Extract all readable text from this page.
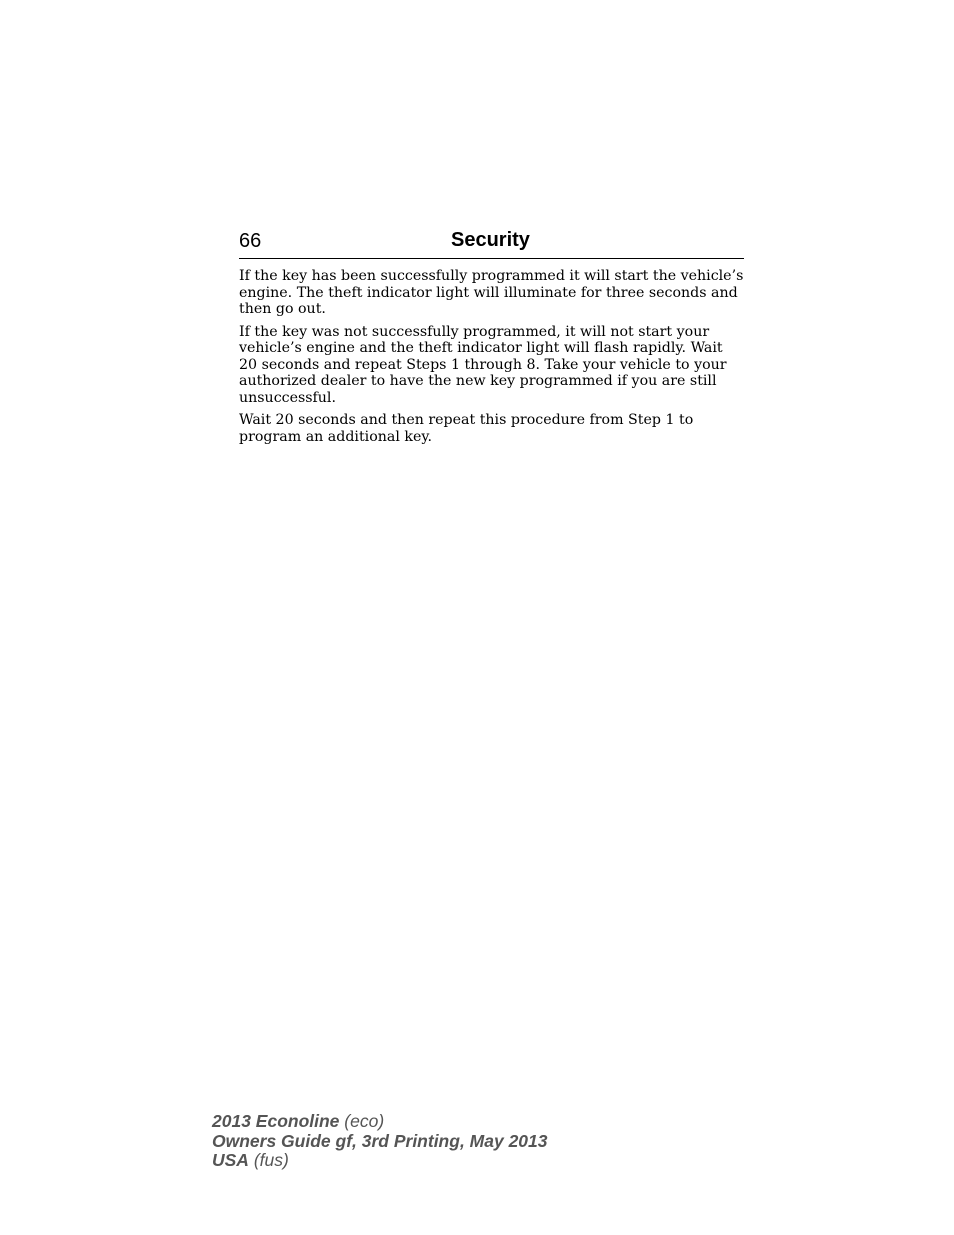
66	Security

If the key has been successfully programmed it will start the vehicle’s engine. The theft indicator light will illuminate for three seconds and then go out.

If the key was not successfully programmed, it will not start your vehicle’s engine and the theft indicator light will flash rapidly. Wait 20 seconds and repeat Steps 1 through 8. Take your vehicle to your authorized dealer to have the new key programmed if you are still unsuccessful.

Wait 20 seconds and then repeat this procedure from Step 1 to program an additional key.

2013 Econoline (eco)
Owners Guide gf, 3rd Printing, May 2013
USA (fus)
